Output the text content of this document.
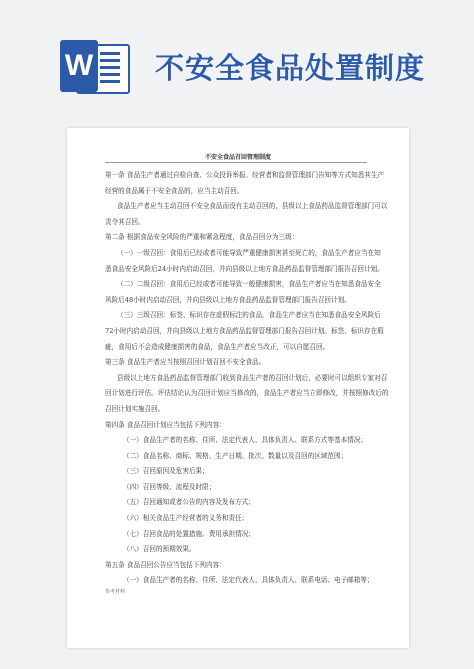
W 不安全食品处置制度
不安全食品召回管理制度

第一条 食品生产者通过自检自查、公众投诉举报、经营者和监督管理部门告知等方式知悉其生产

经营的食品属于不安全食品的，应当主动召回。

食品生产者应当主动召回不安全食品而没有主动召回的，县级以上食品药品监督管理部门可以

责令其召回。

第二条 根据食品安全风险的严重和紧急程度，食品召回分为三级：

（一）一级召回：食用后已经或者可能导致严重健康损害甚至死亡的，食品生产者应当在知

悉食品安全风险后24小时内启动召回，并向县级以上地方食品药品监督管理部门报告召回计划。

（二）二级召回：食用后已经或者可能导致一般健康损害，食品生产者应当在知悉食品安全

风险后48小时内启动召回，并向县级以上地方食品药品监督管理部门报告召回计划。

（三）三级召回：标签、标识存在虚假标注的食品，食品生产者应当在知悉食品安全风险后

72小时内启动召回，并向县级以上地方食品药品监督管理部门报告召回计划。标签、标识存在瑕

疵，食用后不会造成健康损害的食品，食品生产者应当改正，可以自愿召回。

第三条 食品生产者应当按照召回计划召回不安全食品。

县级以上地方食品药品监督管理部门收到食品生产者的召回计划后，必要时可以组织专家对召

回计划进行评估。评估结论认为召回计划应当修改的，食品生产者应当立即修改，并按照修改后的

召回计划实施召回。

第四条 食品召回计划应当包括下列内容：

（一）食品生产者的名称、住所、法定代表人、具体负责人、联系方式等基本情况；

（二）食品名称、商标、规格、生产日期、批次、数量以及召回的区域范围；

（三）召回原因及危害后果；

（四）召回等级、流程及时限；

（五）召回通知或者公告的内容及发布方式；

（六）相关食品生产经营者的义务和责任；

（七）召回食品的处置措施、费用承担情况；

（八）召回的预期效果。

第五条 食品召回公告应当包括下列内容：

（一）食品生产者的名称、住所、法定代表人、具体负责人、联系电话、电子邮箱等；

参考材料
